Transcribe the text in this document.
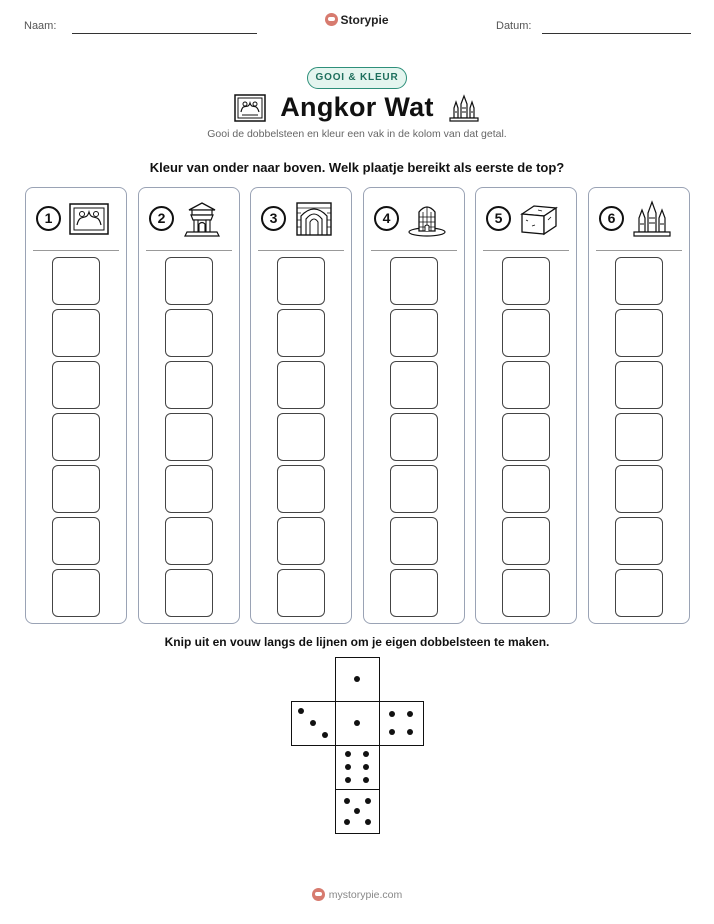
Naam:	Storypie	Datum:
GOOI & KLEUR
Angkor Wat
Gooi de dobbelsteen en kleur een vak in de kolom van dat getal.
Kleur van onder naar boven. Welk plaatje bereikt als eerste de top?
1	2	3	4	5	6
Knip uit en vouw langs de lijnen om je eigen dobbelsteen te maken.
mystorypie.com
